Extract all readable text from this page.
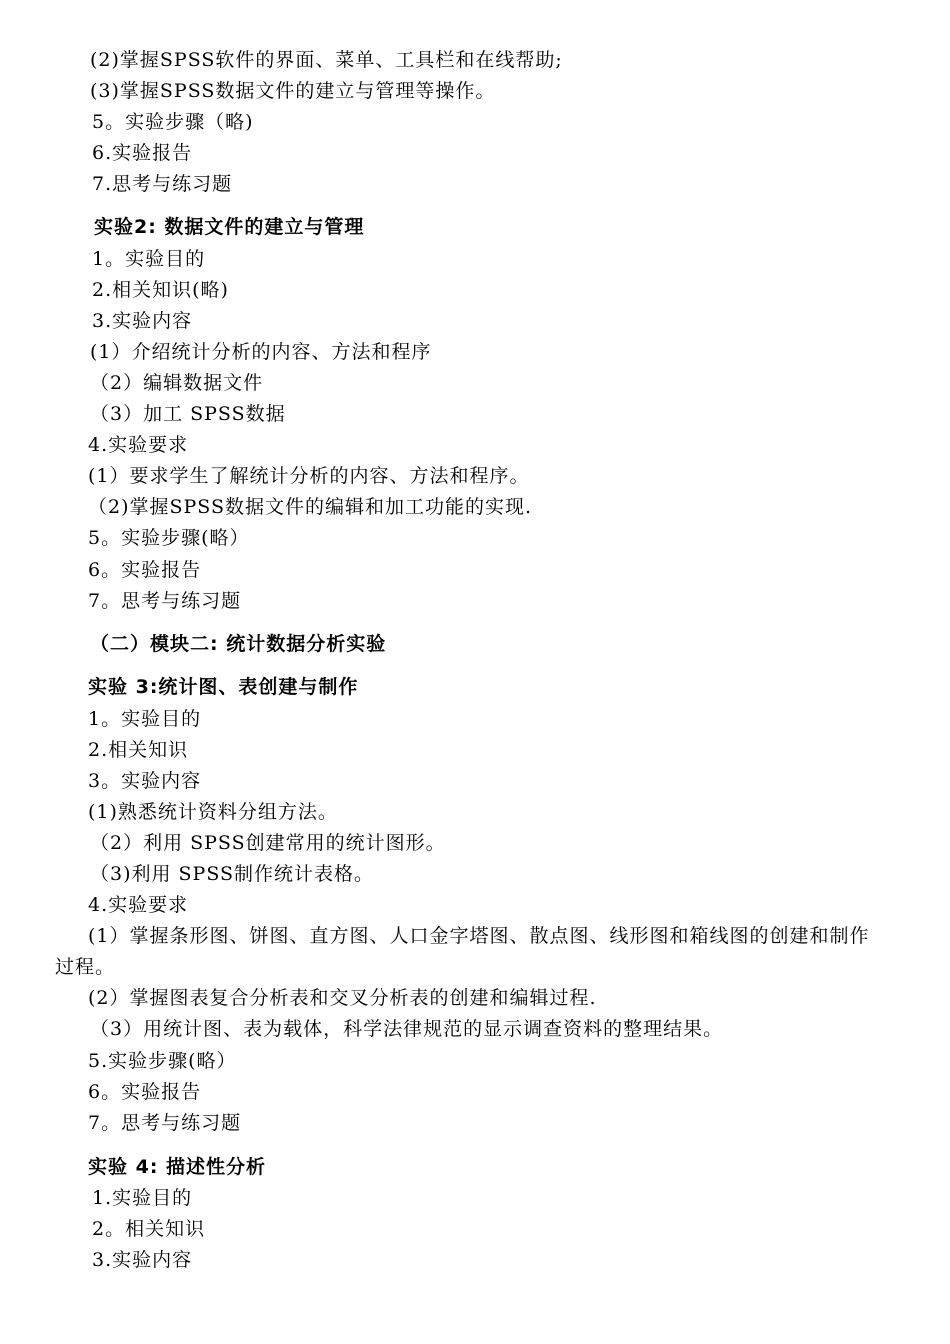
(2)掌握SPSS软件的界面、菜单、工具栏和在线帮助;
(3)掌握SPSS数据文件的建立与管理等操作。
5。实验步骤（略)
6.实验报告
7.思考与练习题
实验2: 数据文件的建立与管理
1。实验目的
2.相关知识(略)
3.实验内容
(1）介绍统计分析的内容、方法和程序
（2）编辑数据文件
（3）加工 SPSS数据
4.实验要求
(1）要求学生了解统计分析的内容、方法和程序。
（2)掌握SPSS数据文件的编辑和加工功能的实现.
5。实验步骤(略）
6。实验报告
7。思考与练习题
（二）模块二: 统计数据分析实验
实验 3:统计图、表创建与制作
1。实验目的
2.相关知识
3。实验内容
(1)熟悉统计资料分组方法。
（2）利用 SPSS创建常用的统计图形。
（3)利用 SPSS制作统计表格。
4.实验要求
(1）掌握条形图、饼图、直方图、人口金字塔图、散点图、线形图和箱线图的创建和制作
过程。
(2）掌握图表复合分析表和交叉分析表的创建和编辑过程.
（3）用统计图、表为载体，科学法律规范的显示调查资料的整理结果。
5.实验步骤(略）
6。实验报告
7。思考与练习题
实验 4: 描述性分析
1.实验目的
2。相关知识
3.实验内容
